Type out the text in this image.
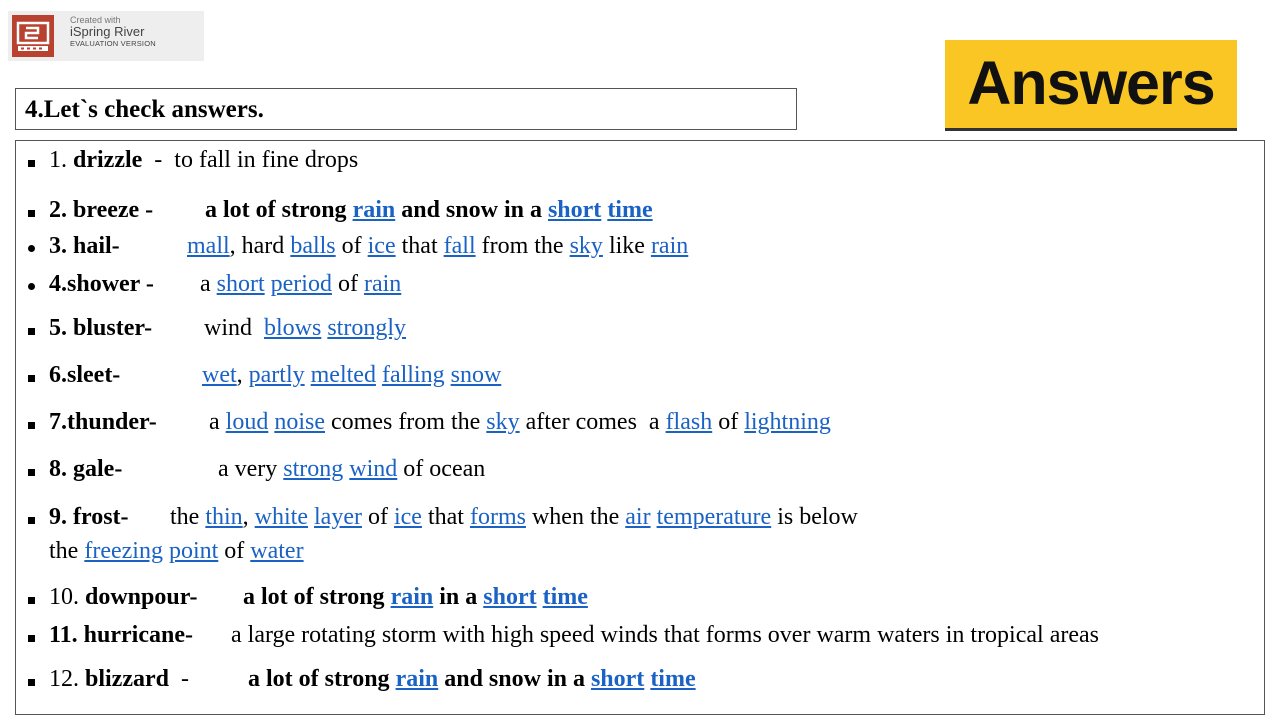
Created with
iSpring River
EVALUATION VERSION
4.Let`s check answers.	Answers
1. drizzle - to fall in fine drops
2. breeze - a lot of strong rain and snow in a short time
3. hail-	mall, hard balls of ice that fall from the sky like rain
4.shower - a short period of rain
5. bluster- wind blows strongly
6.sleet-	wet, partly melted falling snow
7.thunder- a loud noise comes from the sky after comes  a flash of lightning
8. gale-	a very strong wind of ocean
9. frost- the thin, white layer of ice that forms when the air temperature is below
the freezing point of water
10. downpour- a lot of strong rain in a short time
11. hurricane- a large rotating storm with high speed winds that forms over warm waters in tropical areas
12. blizzard - a lot of strong rain and snow in a short time
